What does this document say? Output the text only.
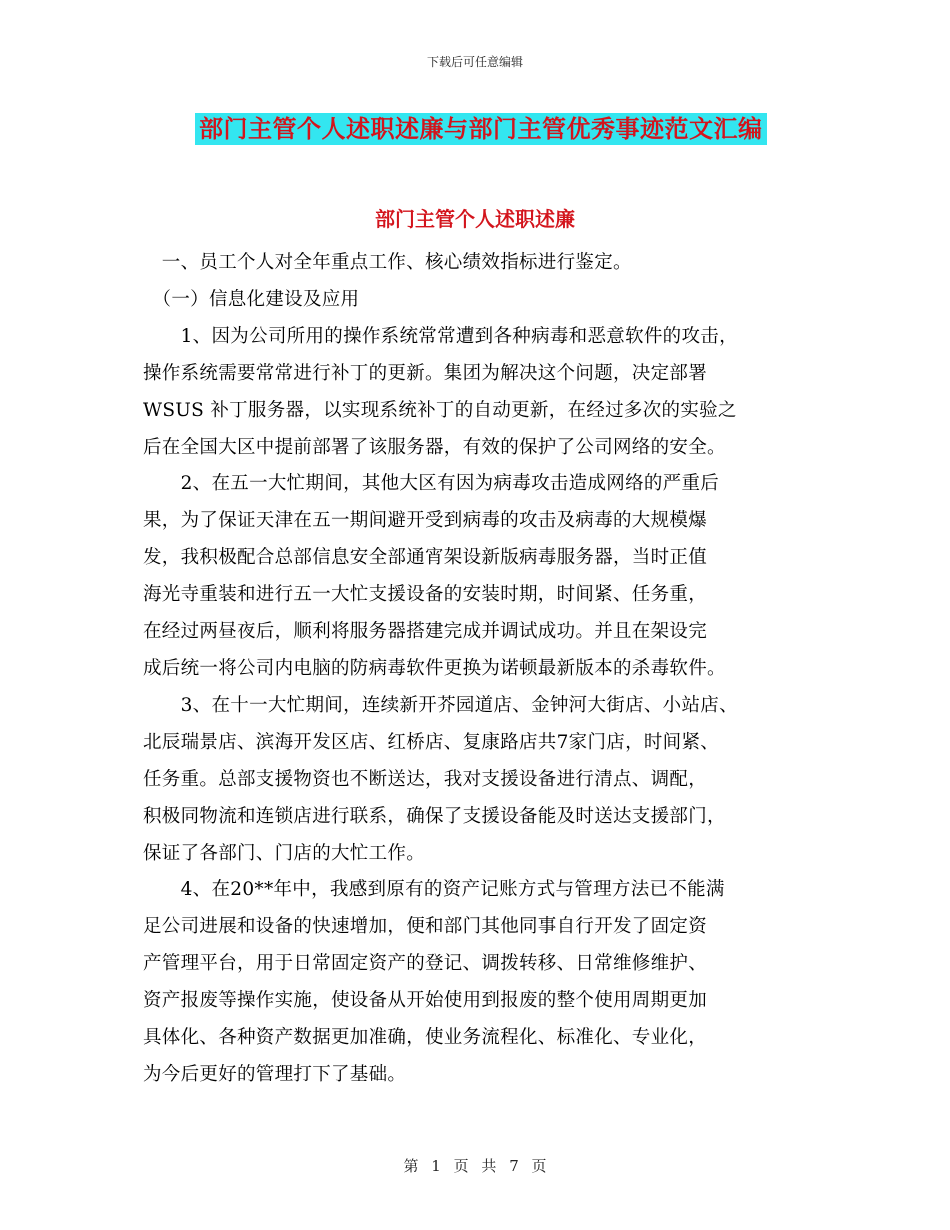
下载后可任意编辑
部门主管个人述职述廉与部门主管优秀事迹范文汇编
部门主管个人述职述廉
　一、员工个人对全年重点工作、核心绩效指标进行鉴定。
　（一）信息化建设及应用
　　1、因为公司所用的操作系统常常遭到各种病毒和恶意软件的攻击，
操作系统需要常常进行补丁的更新。集团为解决这个问题，决定部署
WSUS 补丁服务器，以实现系统补丁的自动更新，在经过多次的实验之
后在全国大区中提前部署了该服务器，有效的保护了公司网络的安全。
　　2、在五一大忙期间，其他大区有因为病毒攻击造成网络的严重后
果，为了保证天津在五一期间避开受到病毒的攻击及病毒的大规模爆
发，我积极配合总部信息安全部通宵架设新版病毒服务器，当时正值
海光寺重装和进行五一大忙支援设备的安装时期，时间紧、任务重，
在经过两昼夜后，顺利将服务器搭建完成并调试成功。并且在架设完
成后统一将公司内电脑的防病毒软件更换为诺顿最新版本的杀毒软件。
　　3、在十一大忙期间，连续新开芥园道店、金钟河大街店、小站店、
北辰瑞景店、滨海开发区店、红桥店、复康路店共7家门店，时间紧、
任务重。总部支援物资也不断送达，我对支援设备进行清点、调配，
积极同物流和连锁店进行联系，确保了支援设备能及时送达支援部门，
保证了各部门、门店的大忙工作。
　　4、在20**年中，我感到原有的资产记账方式与管理方法已不能满
足公司进展和设备的快速增加，便和部门其他同事自行开发了固定资
产管理平台，用于日常固定资产的登记、调拨转移、日常维修维护、
资产报废等操作实施，使设备从开始使用到报废的整个使用周期更加
具体化、各种资产数据更加准确，使业务流程化、标准化、专业化，
为今后更好的管理打下了基础。
第 1 页 共 7 页
